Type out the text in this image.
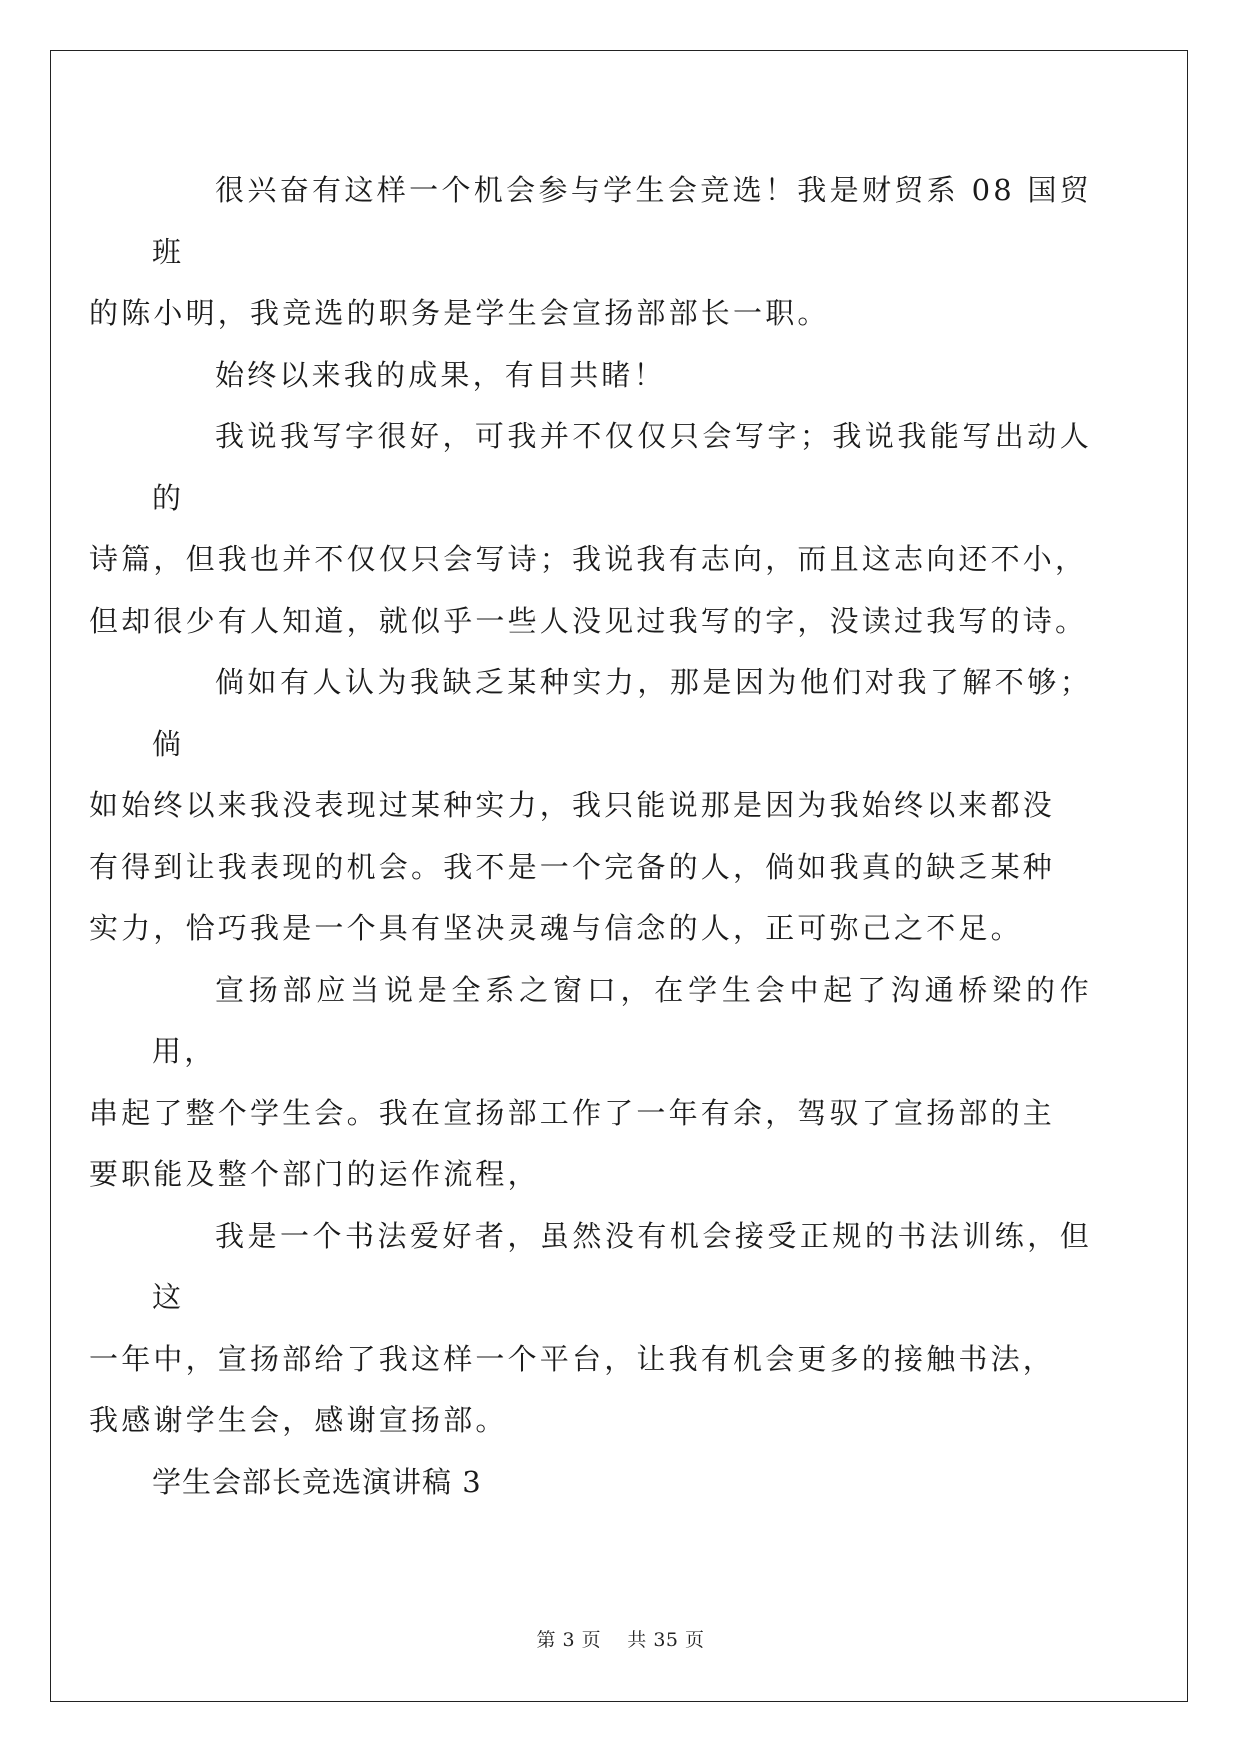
很兴奋有这样一个机会参与学生会竞选！我是财贸系 08 国贸班
的陈小明，我竞选的职务是学生会宣扬部部长一职。

始终以来我的成果，有目共睹！

我说我写字很好，可我并不仅仅只会写字；我说我能写出动人的
诗篇，但我也并不仅仅只会写诗；我说我有志向，而且这志向还不小，
但却很少有人知道，就似乎一些人没见过我写的字，没读过我写的诗。

倘如有人认为我缺乏某种实力，那是因为他们对我了解不够；倘
如始终以来我没表现过某种实力，我只能说那是因为我始终以来都没
有得到让我表现的机会。我不是一个完备的人，倘如我真的缺乏某种
实力，恰巧我是一个具有坚决灵魂与信念的人，正可弥己之不足。

宣扬部应当说是全系之窗口，在学生会中起了沟通桥梁的作用，
串起了整个学生会。我在宣扬部工作了一年有余，驾驭了宣扬部的主
要职能及整个部门的运作流程，

我是一个书法爱好者，虽然没有机会接受正规的书法训练，但这
一年中，宣扬部给了我这样一个平台，让我有机会更多的接触书法，
我感谢学生会，感谢宣扬部。

学生会部长竞选演讲稿 3

第 3 页 共 35 页
